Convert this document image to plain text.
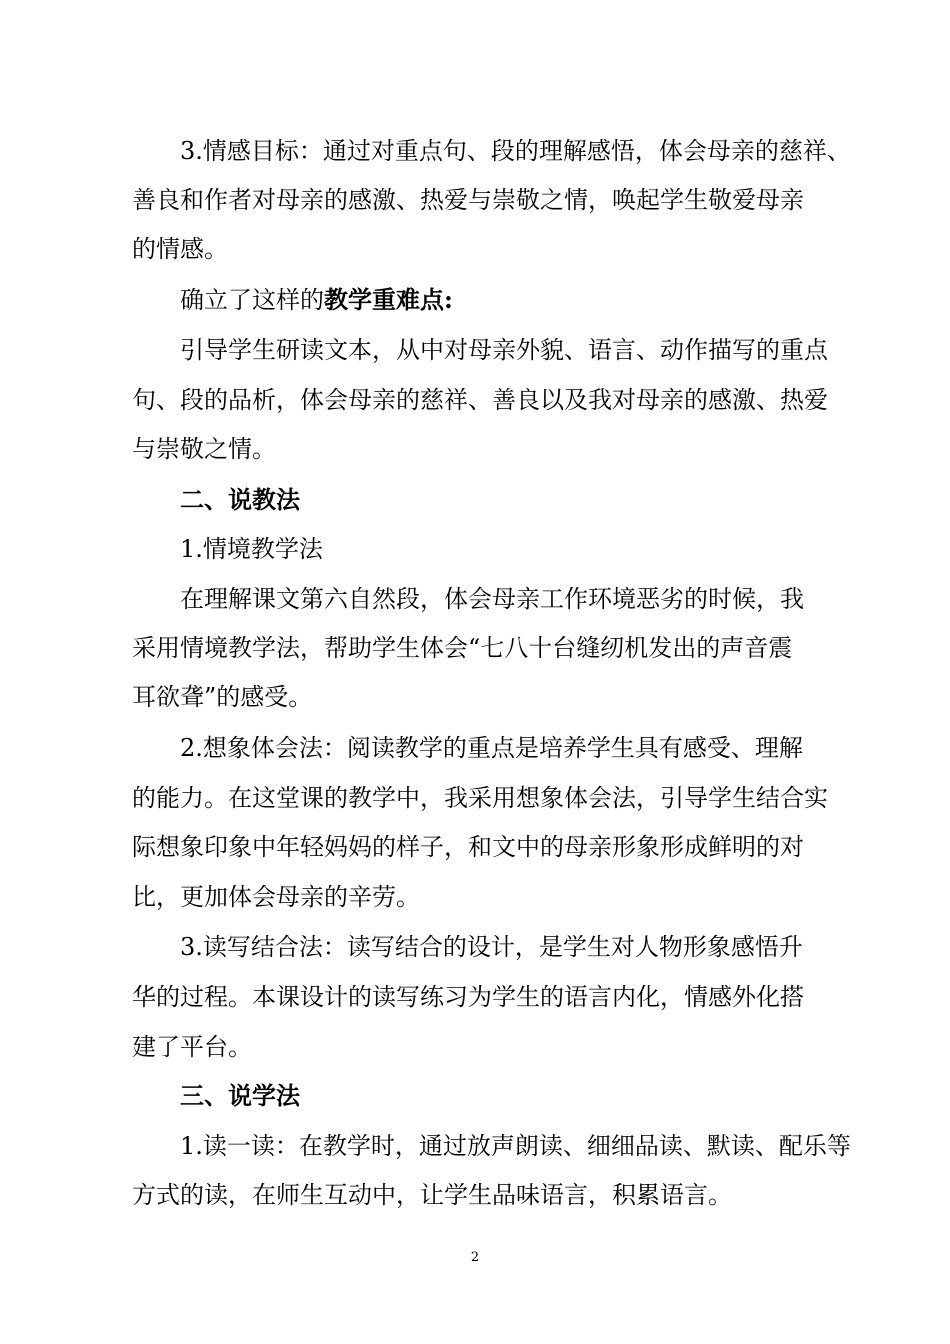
3.情感目标：通过对重点句、段的理解感悟，体会母亲的慈祥、
善良和作者对母亲的感激、热爱与崇敬之情，唤起学生敬爱母亲
的情感。
确立了这样的教学重难点:
引导学生研读文本，从中对母亲外貌、语言、动作描写的重点
句、段的品析，体会母亲的慈祥、善良以及我对母亲的感激、热爱
与崇敬之情。
二、说教法
1.情境教学法
在理解课文第六自然段，体会母亲工作环境恶劣的时候，我
采用情境教学法，帮助学生体会“七八十台缝纫机发出的声音震
耳欲聋”的感受。
2.想象体会法：阅读教学的重点是培养学生具有感受、理解
的能力。在这堂课的教学中，我采用想象体会法，引导学生结合实
际想象印象中年轻妈妈的样子，和文中的母亲形象形成鲜明的对
比，更加体会母亲的辛劳。
3.读写结合法：读写结合的设计，是学生对人物形象感悟升
华的过程。本课设计的读写练习为学生的语言内化，情感外化搭
建了平台。
三、说学法
1.读一读：在教学时，通过放声朗读、细细品读、默读、配乐等
方式的读，在师生互动中，让学生品味语言，积累语言。
2
